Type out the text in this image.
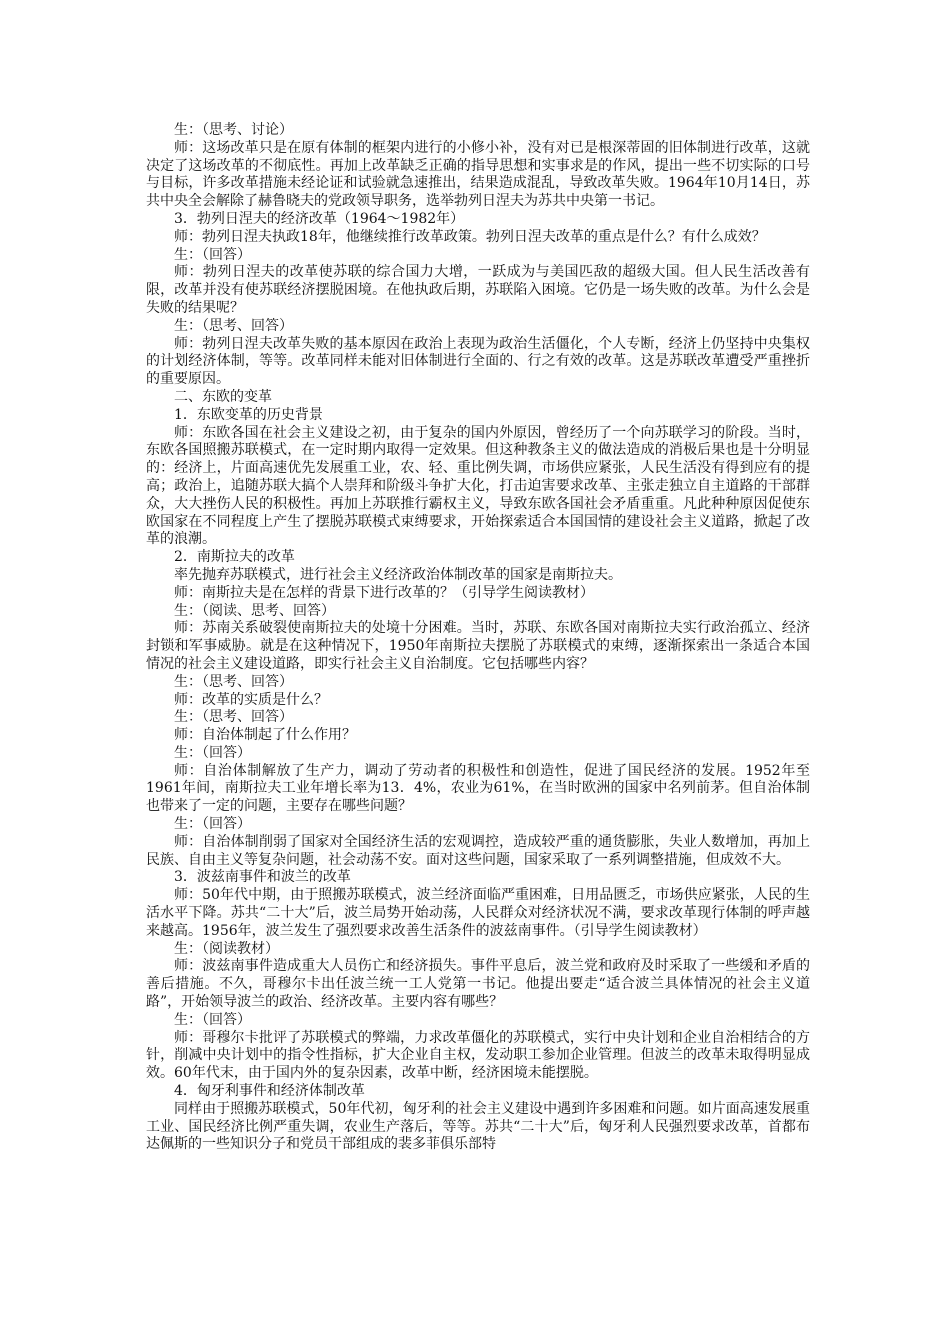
生：（思考、讨论）

师：这场改革只是在原有体制的框架内进行的小修小补，没有对已是根深蒂固的旧体制进行改革，这就决定了这场改革的不彻底性。再加上改革缺乏正确的指导思想和实事求是的作风，提出一些不切实际的口号与目标，许多改革措施未经论证和试验就急速推出，结果造成混乱，导致改革失败。1964年10月14日，苏共中央全会解除了赫鲁晓夫的党政领导职务，选举勃列日涅夫为苏共中央第一书记。

3．勃列日涅夫的经济改革（1964～1982年）

师：勃列日涅夫执政18年，他继续推行改革政策。勃列日涅夫改革的重点是什么？有什么成效？

生：（回答）

师：勃列日涅夫的改革使苏联的综合国力大增，一跃成为与美国匹敌的超级大国。但人民生活改善有限，改革并没有使苏联经济摆脱困境。在他执政后期，苏联陷入困境。它仍是一场失败的改革。为什么会是失败的结果呢？

生：（思考、回答）

师：勃列日涅夫改革失败的基本原因在政治上表现为政治生活僵化，个人专断，经济上仍坚持中央集权的计划经济体制，等等。改革同样未能对旧体制进行全面的、行之有效的改革。这是苏联改革遭受严重挫折的重要原因。

二、东欧的变革

1．东欧变革的历史背景

师：东欧各国在社会主义建设之初，由于复杂的国内外原因，曾经历了一个向苏联学习的阶段。当时，东欧各国照搬苏联模式，在一定时期内取得一定效果。但这种教条主义的做法造成的消极后果也是十分明显的：经济上，片面高速优先发展重工业，农、轻、重比例失调，市场供应紧张，人民生活没有得到应有的提高；政治上，追随苏联大搞个人崇拜和阶级斗争扩大化，打击迫害要求改革、主张走独立自主道路的干部群众，大大挫伤人民的积极性。再加上苏联推行霸权主义，导致东欧各国社会矛盾重重。凡此种种原因促使东欧国家在不同程度上产生了摆脱苏联模式束缚要求，开始探索适合本国国情的建设社会主义道路，掀起了改革的浪潮。

2．南斯拉夫的改革

率先抛弃苏联模式，进行社会主义经济政治体制改革的国家是南斯拉夫。

师：南斯拉夫是在怎样的背景下进行改革的？（引导学生阅读教材）

生：（阅读、思考、回答）

师：苏南关系破裂使南斯拉夫的处境十分困难。当时，苏联、东欧各国对南斯拉夫实行政治孤立、经济封锁和军事威胁。就是在这种情况下，1950年南斯拉夫摆脱了苏联模式的束缚，逐渐探索出一条适合本国情况的社会主义建设道路，即实行社会主义自治制度。它包括哪些内容？

生：（思考、回答）

师：改革的实质是什么？

生：（思考、回答）

师：自治体制起了什么作用？

生：（回答）

师：自治体制解放了生产力，调动了劳动者的积极性和创造性，促进了国民经济的发展。1952年至1961年间，南斯拉夫工业年增长率为13．4%，农业为61%，在当时欧洲的国家中名列前茅。但自治体制也带来了一定的问题，主要存在哪些问题？

生：（回答）

师：自治体制削弱了国家对全国经济生活的宏观调控，造成较严重的通货膨胀，失业人数增加，再加上民族、自由主义等复杂问题，社会动荡不安。面对这些问题，国家采取了一系列调整措施，但成效不大。

3．波兹南事件和波兰的改革

师：50年代中期，由于照搬苏联模式，波兰经济面临严重困难，日用品匮乏，市场供应紧张，人民的生活水平下降。苏共“二十大”后，波兰局势开始动荡，人民群众对经济状况不满，要求改革现行体制的呼声越来越高。1956年，波兰发生了强烈要求改善生活条件的波兹南事件。（引导学生阅读教材）

生：（阅读教材）

师：波兹南事件造成重大人员伤亡和经济损失。事件平息后，波兰党和政府及时采取了一些缓和矛盾的善后措施。不久，哥穆尔卡出任波兰统一工人党第一书记。他提出要走“适合波兰具体情况的社会主义道路”，开始领导波兰的政治、经济改革。主要内容有哪些？

生：（回答）

师：哥穆尔卡批评了苏联模式的弊端，力求改革僵化的苏联模式，实行中央计划和企业自治相结合的方针，削减中央计划中的指令性指标，扩大企业自主权，发动职工参加企业管理。但波兰的改革未取得明显成效。60年代末，由于国内外的复杂因素，改革中断，经济困境未能摆脱。

4．匈牙利事件和经济体制改革

同样由于照搬苏联模式，50年代初，匈牙利的社会主义建设中遇到许多困难和问题。如片面高速发展重工业、国民经济比例严重失调，农业生产落后，等等。苏共“二十大”后，匈牙利人民强烈要求改革，首都布达佩斯的一些知识分子和党员干部组成的裴多菲俱乐部特
